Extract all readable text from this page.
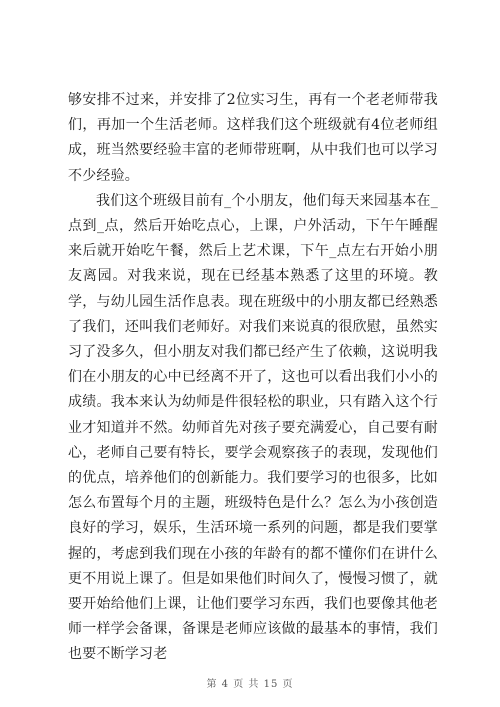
够安排不过来，并安排了2位实习生，再有一个老老师带我们，再加一个生活老师。这样我们这个班级就有4位老师组成，班当然要经验丰富的老师带班啊，从中我们也可以学习不少经验。

我们这个班级目前有_个小朋友，他们每天来园基本在_点到_点，然后开始吃点心，上课，户外活动，下午午睡醒来后就开始吃午餐，然后上艺术课，下午_点左右开始小朋友离园。对我来说，现在已经基本熟悉了这里的环境。教学，与幼儿园生活作息表。现在班级中的小朋友都已经熟悉了我们，还叫我们老师好。对我们来说真的很欣慰，虽然实习了没多久，但小朋友对我们都已经产生了依赖，这说明我们在小朋友的心中已经离不开了，这也可以看出我们小小的成绩。我本来认为幼师是件很轻松的职业，只有踏入这个行业才知道并不然。幼师首先对孩子要充满爱心，自己要有耐心，老师自己要有特长，要学会观察孩子的表现，发现他们的优点，培养他们的创新能力。我们要学习的也很多，比如怎么布置每个月的主题，班级特色是什么？怎么为小孩创造良好的学习，娱乐，生活环境一系列的问题，都是我们要掌握的，考虑到我们现在小孩的年龄有的都不懂你们在讲什么更不用说上课了。但是如果他们时间久了，慢慢习惯了，就要开始给他们上课，让他们要学习东西，我们也要像其他老师一样学会备课，备课是老师应该做的最基本的事情，我们也要不断学习老

第 4 页 共 15 页
